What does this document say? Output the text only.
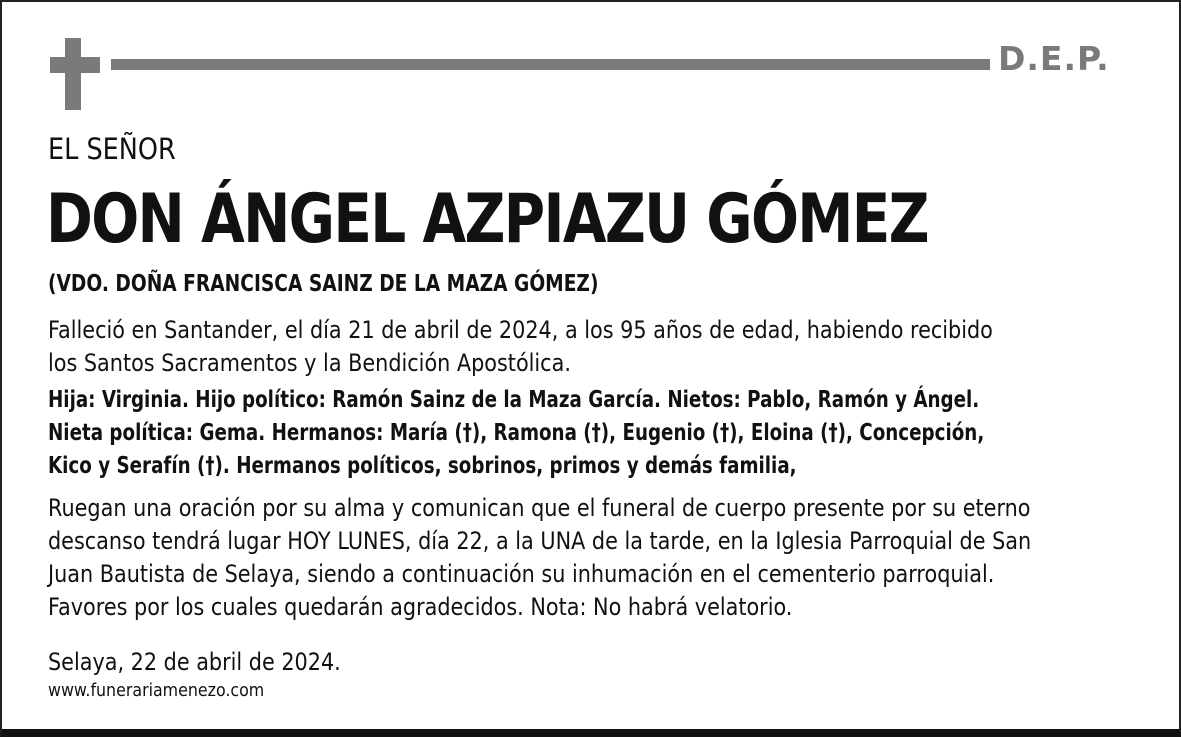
D.E.P.
EL SEÑOR
DON ÁNGEL AZPIAZU GÓMEZ
(VDO. DOÑA FRANCISCA SAINZ DE LA MAZA GÓMEZ)
Falleció en Santander, el día 21 de abril de 2024, a los 95 años de edad, habiendo recibido
los Santos Sacramentos y la Bendición Apostólica.
Hija: Virginia. Hijo político: Ramón Sainz de la Maza García. Nietos: Pablo, Ramón y Ángel.
Nieta política: Gema. Hermanos: María (†), Ramona (†), Eugenio (†), Eloina (†), Concepción,
Kico y Serafín (†). Hermanos políticos, sobrinos, primos y demás familia,
Ruegan una oración por su alma y comunican que el funeral de cuerpo presente por su eterno
descanso tendrá lugar HOY LUNES, día 22, a la UNA de la tarde, en la Iglesia Parroquial de San
Juan Bautista de Selaya, siendo a continuación su inhumación en el cementerio parroquial.
Favores por los cuales quedarán agradecidos. Nota: No habrá velatorio.
Selaya, 22 de abril de 2024.
www.funerariamenezo.com
